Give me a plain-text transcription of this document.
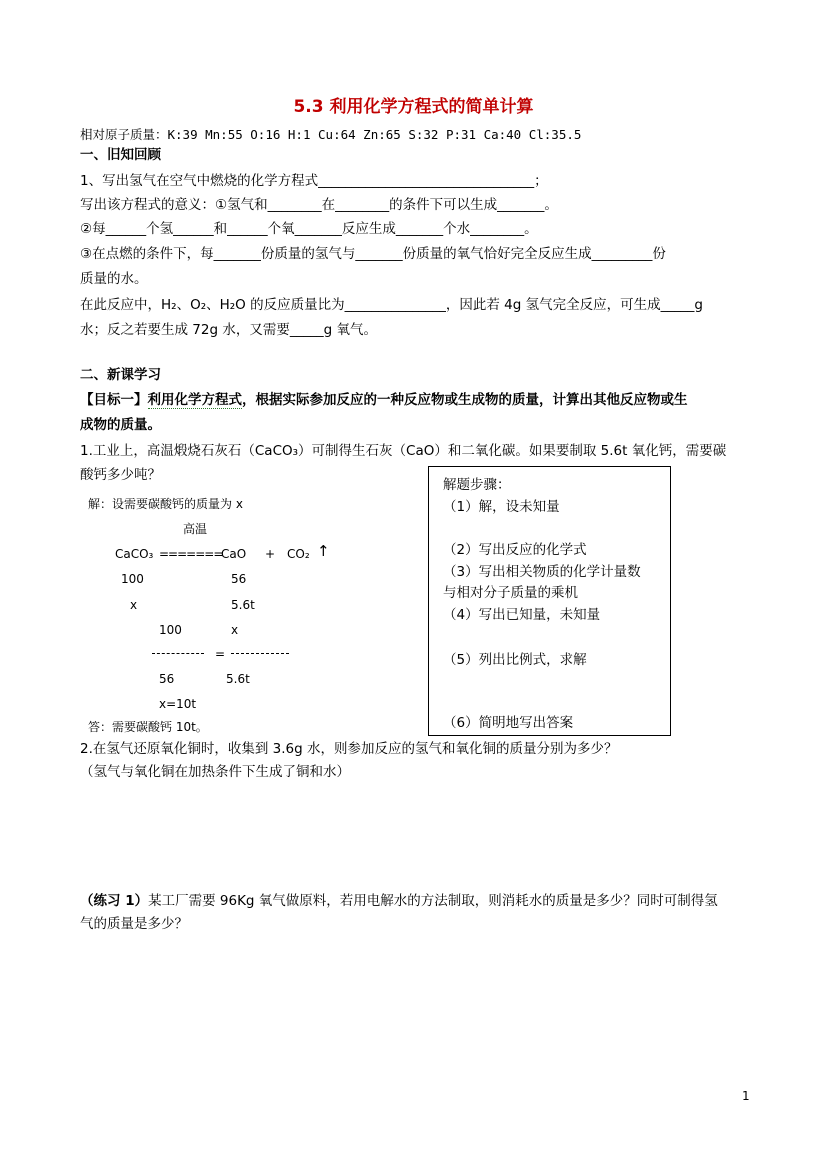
5.3 利用化学方程式的简单计算
相对原子质量：K:39 Mn:55 O:16 H:1 Cu:64 Zn:65 S:32 P:31 Ca:40 Cl:35.5
一、旧知回顾
1、写出氢气在空气中燃烧的化学方程式________________________________；
写出该方程式的意义：①氢气和________在________的条件下可以生成_______。
②每______个氢______和______个氧_______反应生成_______个水________。
③在点燃的条件下，每_______份质量的氢气与_______份质量的氧气恰好完全反应生成_________份
质量的水。
在此反应中，H₂、O₂、H₂O 的反应质量比为_______________，因此若 4g 氢气完全反应，可生成_____g
水；反之若要生成 72g 水，又需要_____g 氧气。
二、新课学习
【目标一】利用化学方程式，根据实际参加反应的一种反应物或生成物的质量，计算出其他反应物或生
成物的质量。
1.工业上，高温煅烧石灰石（CaCO₃）可制得生石灰（CaO）和二氧化碳。如果要制取 5.6t 氧化钙，需要碳
酸钙多少吨？
解：设需要碳酸钙的质量为 x
高温
CaCO₃ =======
CaO + CO₂ ↑
100	56
x	5.6t
100	x
=
56	5.6t
x=10t
答：需要碳酸钙 10t。
解题步骤：
（1）解，设未知量
（2）写出反应的化学式
（3）写出相关物质的化学计量数
与相对分子质量的乘机
（4）写出已知量，未知量
（5）列出比例式，求解
（6）简明地写出答案
2.在氢气还原氧化铜时，收集到 3.6g 水，则参加反应的氢气和氧化铜的质量分别为多少？
（氢气与氧化铜在加热条件下生成了铜和水）
（练习 1）某工厂需要 96Kg 氧气做原料，若用电解水的方法制取，则消耗水的质量是多少？同时可制得氢
气的质量是多少？
1
